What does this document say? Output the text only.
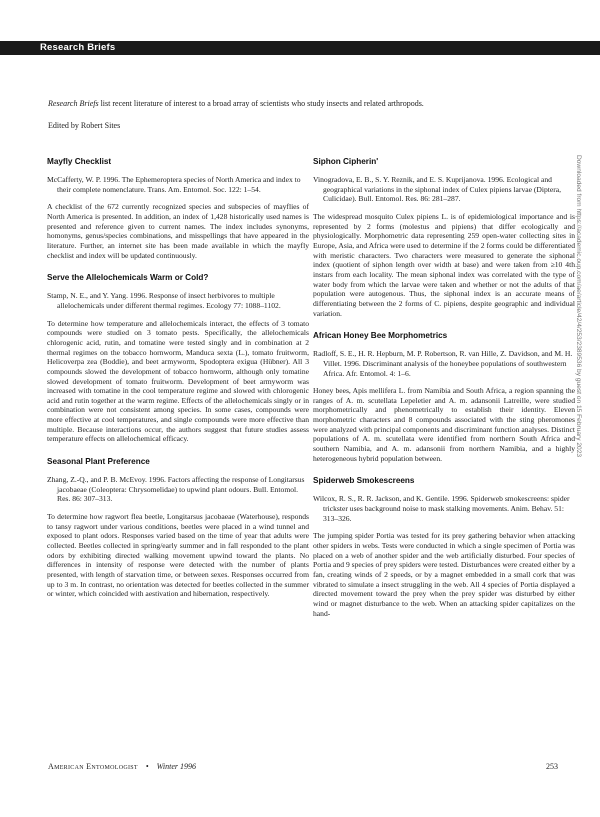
Research Briefs
Research Briefs list recent literature of interest to a broad array of scientists who study insects and related arthropods.
Edited by Robert Sites
Mayfly Checklist

McCafferty, W. P. 1996. The Ephemeroptera species of North America and index to their complete nomenclature. Trans. Am. Entomol. Soc. 122: 1–54.

A checklist of the 672 currently recognized species and subspecies of mayflies of North America is presented. In addition, an index of 1,428 historically used names is presented and reference given to current names. The index includes synonyms, homonyms, genus/species combinations, and misspellings that have appeared in the literature. Further, an internet site has been made available in which the mayfly checklist and index will be updated continuously.

Serve the Allelochemicals Warm or Cold?

Stamp, N. E., and Y. Yang. 1996. Response of insect herbivores to multiple allelochemicals under different thermal regimes. Ecology 77: 1088–1102.

To determine how temperature and allelochemicals interact, the effects of 3 tomato compounds were studied on 3 tomato pests. Specifically, the allelochemicals chlorogenic acid, rutin, and tomatine were tested singly and in combination at 2 thermal regimes on the tobacco hornworm, Manduca sexta (L.), tomato fruitworm, Helicoverpa zea (Boddie), and beet armyworm, Spodoptera exigua (Hübner). All 3 compounds slowed the development of tobacco hornworm, although only tomatine slowed development of tomato fruitworm. Development of beet armyworm was increased with tomatine in the cool temperature regime and slowed with chlorogenic acid and rutin together at the warm regime. Effects of the allelochemicals singly or in combination were not consistent among species. In some cases, compounds were more effective at cool temperatures, and single compounds were more effective than multiple. Because interactions occur, the authors suggest that future studies assess temperature effects on allelochemical efficacy.

Seasonal Plant Preference

Zhang, Z.-Q., and P. B. McEvoy. 1996. Factors affecting the response of Longitarsus jacobaeae (Coleoptera: Chrysomelidae) to upwind plant odours. Bull. Entomol. Res. 86: 307–313.

To determine how ragwort flea beetle, Longitarsus jacobaeae (Waterhouse), responds to tansy ragwort under various conditions, beetles were placed in a wind tunnel and exposed to plant odors. Responses varied based on the time of year that adults were collected. Beetles collected in spring/early summer and in fall responded to the plant odors by exhibiting directed walking movement upwind toward the plants. No differences in intensity of response were detected with the number of plants presented, with length of starvation time, or between sexes. Responses occurred from up to 3 m. In contrast, no orientation was detected for beetles collected in the summer or winter, which coincided with aestivation and hibernation, respectively.

Siphon Cipherin'

Vinogradova, E. B., S. Y. Reznik, and E. S. Kuprijanova. 1996. Ecological and geographical variations in the siphonal index of Culex pipiens larvae (Diptera, Culicidae). Bull. Entomol. Res. 86: 281–287.

The widespread mosquito Culex pipiens L. is of epidemiological importance and is represented by 2 forms (molestus and pipiens) that differ ecologically and physiologically. Morphometric data representing 259 open-water collecting sites in Europe, Asia, and Africa were used to determine if the 2 forms could be differentiated with meristic characters. Two characters were measured to generate the siphonal index (quotient of siphon length over width at base) and were taken from ≥10 4th instars from each locality. The mean siphonal index was correlated with the type of water body from which the larvae were taken and whether or not the adults of that population were autogenous. Thus, the siphonal index is an accurate means of differentiating between the 2 forms of C. pipiens, despite geographic and individual variation.

African Honey Bee Morphometrics

Radloff, S. E., H. R. Hepburn, M. P. Robertson, R. van Hille, Z. Davidson, and M. H. Villet. 1996. Discriminant analysis of the honeybee populations of southwestern Africa. Afr. Entomol. 4: 1–6.

Honey bees, Apis mellifera L. from Namibia and South Africa, a region spanning the ranges of A. m. scutellata Lepeletier and A. m. adansonii Latreille, were studied morphometrically and phenometrically to establish their identity. Eleven morphometric characters and 8 compounds associated with the sting pheromones were analyzed with principal components and discriminant function analyses. Distinct populations of A. m. scutellata were identified from northern South Africa and southern Namibia, and A. m. adansonii from northern Namibia, and a highly heterogeneous hybrid population between.

Spiderweb Smokescreens

Wilcox, R. S., R. R. Jackson, and K. Gentile. 1996. Spiderweb smokescreens: spider trickster uses background noise to mask stalking movements. Anim. Behav. 51: 313–326.

The jumping spider Portia was tested for its prey gathering behavior when attacking other spiders in webs. Tests were conducted in which a single specimen of Portia was placed on a web of another spider and the web artificially disturbed. Four species of Portia and 9 species of prey spiders were tested. Disturbances were created either by a fan, creating winds of 2 speeds, or by a magnet embedded in a small cork that was vibrated to simulate a insect struggling in the web. All 4 species of Portia displayed a directed movement toward the prey when the prey spider was disturbed by either wind or magnet disturbance to the web. When an attacking spider capitalizes on the hand-

American Entomologist • Winter 1996	253
Downloaded from https://academic.oup.com/ae/article/42/4/253/2389536 by guest on 15 February 2023
